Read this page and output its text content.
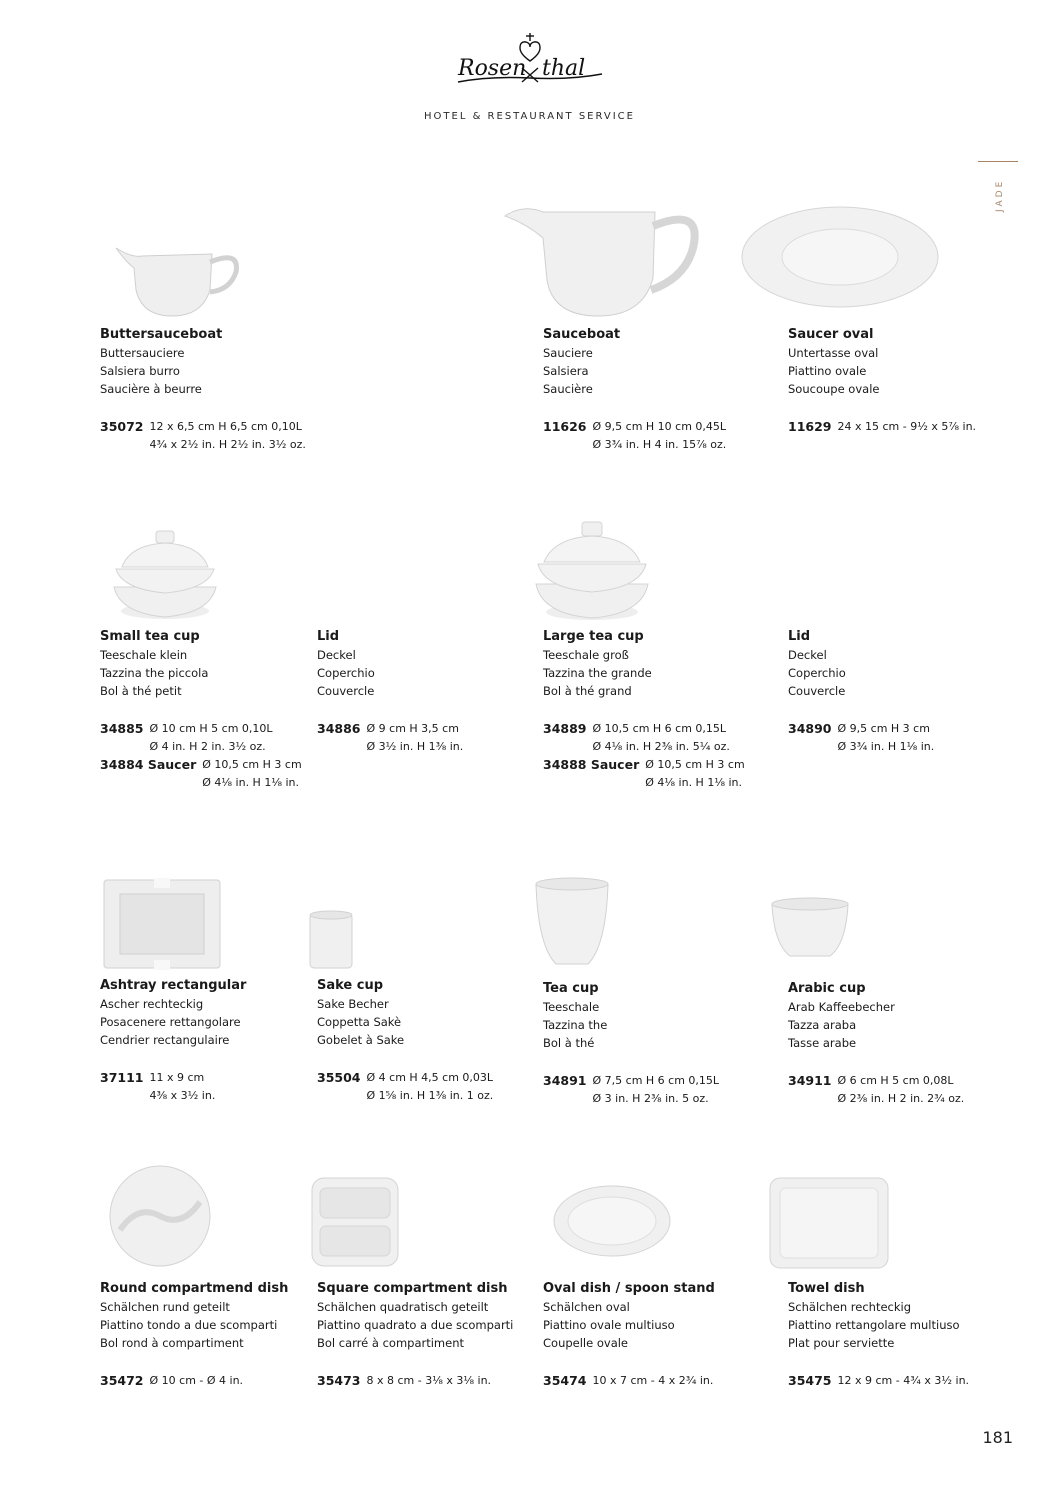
Rosen thal
HOTEL & RESTAURANT SERVICE
JADE
Buttersauceboat
Buttersauciere
Salsiera burro
Saucière à beurre
35072 12 x 6,5 cm H 6,5 cm 0,10L
4³⁄₄ x 2¹⁄₂ in. H 2¹⁄₂ in. 3¹⁄₂ oz.
Sauceboat
Sauciere
Salsiera
Saucière
11626 Ø 9,5 cm H 10 cm 0,45L
Ø 3³⁄₄ in. H 4 in. 15⁷⁄₈ oz.
Saucer oval
Untertasse oval
Piattino ovale
Soucoupe ovale
11629 24 x 15 cm - 9¹⁄₂ x 5⁷⁄₈ in.
Small tea cup
Teeschale klein
Tazzina the piccola
Bol à thé petit
34885 Ø 10 cm H 5 cm 0,10L
Ø 4 in. H 2 in. 3¹⁄₂ oz.
34884 Saucer Ø 10,5 cm H 3 cm
Ø 4¹⁄₈ in. H 1¹⁄₈ in.
Lid
Deckel
Coperchio
Couvercle
34886 Ø 9 cm H 3,5 cm
Ø 3¹⁄₂ in. H 1³⁄₈ in.
Large tea cup
Teeschale groß
Tazzina the grande
Bol à thé grand
34889 Ø 10,5 cm H 6 cm 0,15L
Ø 4¹⁄₈ in. H 2³⁄₈ in. 5¹⁄₄ oz.
34888 Saucer Ø 10,5 cm H 3 cm
Ø 4¹⁄₈ in. H 1¹⁄₈ in.
Lid
Deckel
Coperchio
Couvercle
34890 Ø 9,5 cm H 3 cm
Ø 3³⁄₄ in. H 1¹⁄₈ in.
Ashtray rectangular
Ascher rechteckig
Posacenere rettangolare
Cendrier rectangulaire
37111 11 x 9 cm
4³⁄₈ x 3¹⁄₂ in.
Sake cup
Sake Becher
Coppetta Sakè
Gobelet à Sake
35504 Ø 4 cm H 4,5 cm 0,03L
Ø 1⁵⁄₈ in. H 1³⁄₈ in. 1 oz.
Tea cup
Teeschale
Tazzina the
Bol à thé
34891 Ø 7,5 cm H 6 cm 0,15L
Ø 3 in. H 2³⁄₈ in. 5 oz.
Arabic cup
Arab Kaffeebecher
Tazza araba
Tasse arabe
34911 Ø 6 cm H 5 cm 0,08L
Ø 2³⁄₈ in. H 2 in. 2³⁄₄ oz.
Round compartmend dish
Schälchen rund geteilt
Piattino tondo a due scomparti
Bol rond à compartiment
35472 Ø 10 cm - Ø 4 in.
Square compartment dish
Schälchen quadratisch geteilt
Piattino quadrato a due scomparti
Bol carré à compartiment
35473 8 x 8 cm - 3¹⁄₈ x 3¹⁄₈ in.
Oval dish / spoon stand
Schälchen oval
Piattino ovale multiuso
Coupelle ovale
35474 10 x 7 cm - 4 x 2³⁄₄ in.
Towel dish
Schälchen rechteckig
Piattino rettangolare multiuso
Plat pour serviette
35475 12 x 9 cm - 4³⁄₄ x 3¹⁄₂ in.
181
